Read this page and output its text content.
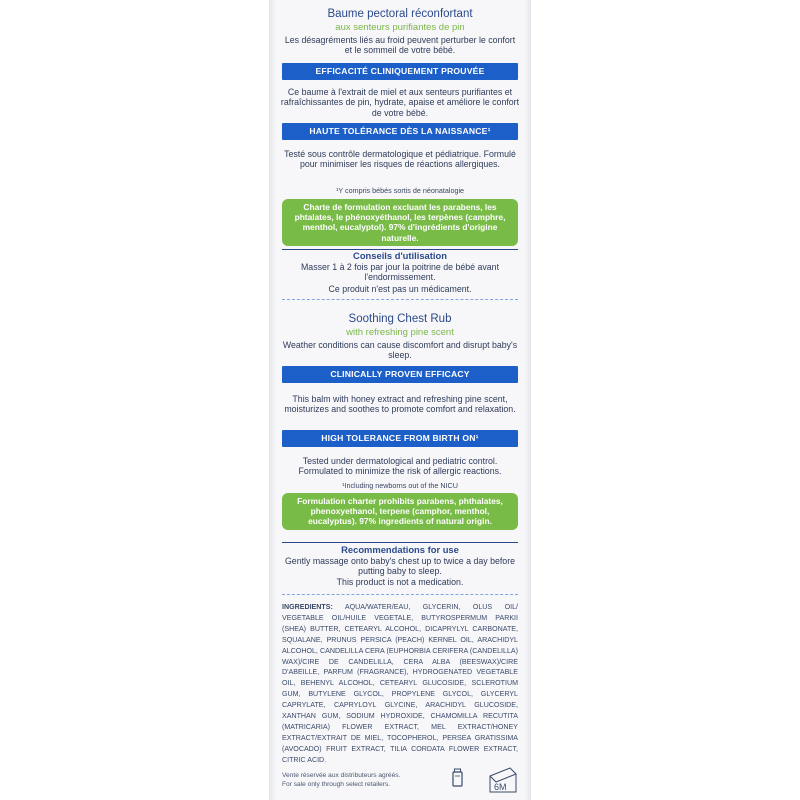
Baume pectoral réconfortant
aux senteurs purifiantes de pin
Les désagréments liés au froid peuvent perturber le confort et le sommeil de votre bébé.
EFFICACITÉ CLINIQUEMENT PROUVÉE
Ce baume à l'extrait de miel et aux senteurs purifiantes et rafraîchissantes de pin, hydrate, apaise et améliore le confort de votre bébé.
HAUTE TOLÉRANCE DÈS LA NAISSANCE¹
Testé sous contrôle dermatologique et pédiatrique. Formulé pour minimiser les risques de réactions allergiques.
¹Y compris bébés sortis de néonatalogie
Charte de formulation excluant les parabens, les phtalates, le phénoxyéthanol, les terpènes (camphre, menthol, eucalyptol). 97% d'ingrédients d'origine naturelle.
Conseils d'utilisation
Masser 1 à 2 fois par jour la poitrine de bébé avant l'endormissement.
Ce produit n'est pas un médicament.
Soothing Chest Rub
with refreshing pine scent
Weather conditions can cause discomfort and disrupt baby's sleep.
CLINICALLY PROVEN EFFICACY
This balm with honey extract and refreshing pine scent, moisturizes and soothes to promote comfort and relaxation.
HIGH TOLERANCE FROM BIRTH ON¹
Tested under dermatological and pediatric control. Formulated to minimize the risk of allergic reactions.
¹Including newborns out of the NICU
Formulation charter prohibits parabens, phthalates, phenoxyethanol, terpene (camphor, menthol, eucalyptus). 97% ingredients of natural origin.
Recommendations for use
Gently massage onto baby's chest up to twice a day before putting baby to sleep.
This product is not a medication.
INGREDIENTS: AQUA/WATER/EAU, GLYCERIN, OLUS OIL/ VEGETABLE OIL/HUILE VEGETALE, BUTYROSPERMUM PARKII (SHEA) BUTTER, CETEARYL ALCOHOL, DICAPRYLYL CARBONATE, SQUALANE, PRUNUS PERSICA (PEACH) KERNEL OIL, ARACHIDYL ALCOHOL, CANDELILLA CERA (EUPHORBIA CERIFERA (CANDELILLA) WAX)/CIRE DE CANDELILLA, CERA ALBA (BEESWAX)/CIRE D'ABEILLE, PARFUM (FRAGRANCE), HYDROGENATED VEGETABLE OIL, BEHENYL ALCOHOL, CETEARYL GLUCOSIDE, SCLEROTIUM GUM, BUTYLENE GLYCOL, PROPYLENE GLYCOL, GLYCERYL CAPRYLATE, CAPRYLOYL GLYCINE, ARACHIDYL GLUCOSIDE, XANTHAN GUM, SODIUM HYDROXIDE, CHAMOMILLA RECUTITA (MATRICARIA) FLOWER EXTRACT, MEL EXTRACT/HONEY EXTRACT/EXTRAIT DE MIEL, TOCOPHEROL, PERSEA GRATISSIMA (AVOCADO) FRUIT EXTRACT, TILIA CORDATA FLOWER EXTRACT, CITRIC ACID.
Vente réservée aux distributeurs agréés.
For sale only through select retailers.	6M
